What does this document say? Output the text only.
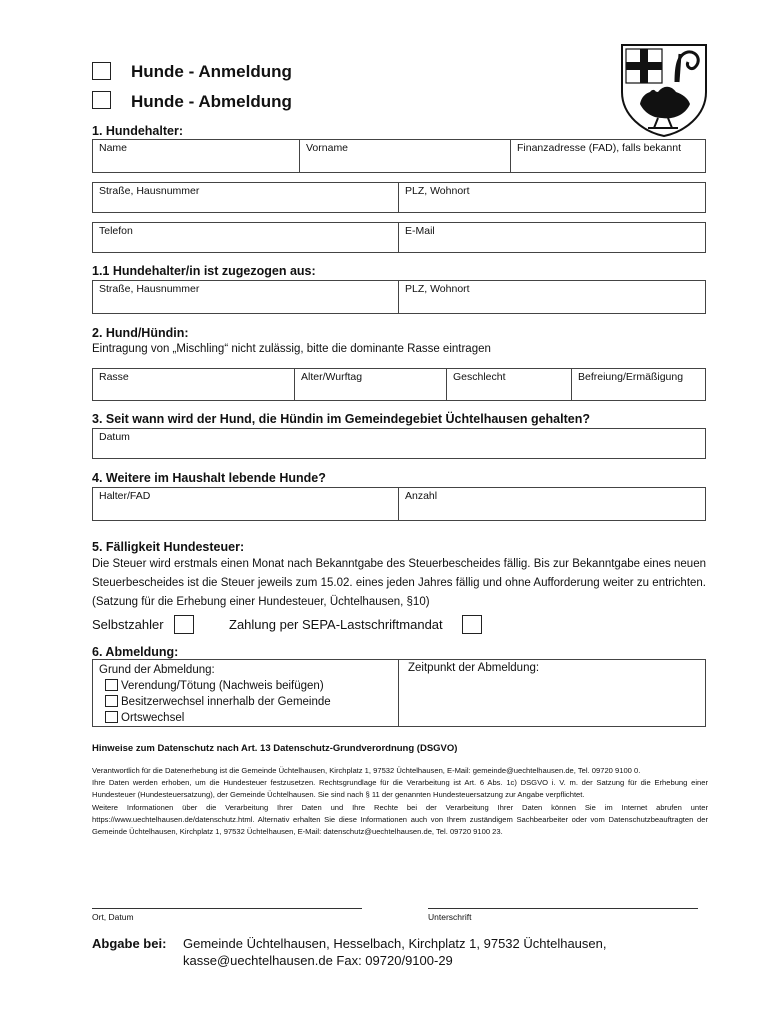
Hunde - Anmeldung
Hunde - Abmeldung
1. Hundehalter:
Name	Vorname	Finanzadresse (FAD), falls bekannt
Straße, Hausnummer	PLZ, Wohnort
Telefon	E-Mail
1.1 Hundehalter/in ist zugezogen aus:
Straße, Hausnummer	PLZ, Wohnort
2. Hund/Hündin:
Eintragung von „Mischling“ nicht zulässig, bitte die dominante Rasse eintragen
Rasse	Alter/Wurftag	Geschlecht	Befreiung/Ermäßigung
3. Seit wann wird der Hund, die Hündin im Gemeindegebiet Üchtelhausen gehalten?
Datum
4. Weitere im Haushalt lebende Hunde?
Halter/FAD	Anzahl
5. Fälligkeit Hundesteuer:
Die Steuer wird erstmals einen Monat nach Bekanntgabe des Steuerbescheides fällig. Bis zur Bekanntgabe eines neuen Steuerbescheides ist die Steuer jeweils zum 15.02. eines jeden Jahres fällig und ohne Aufforderung weiter zu entrichten. (Satzung für die Erhebung einer Hundesteuer, Üchtelhausen, §10)
Selbstzahler	Zahlung per SEPA-Lastschriftmandat
6. Abmeldung:
Grund der Abmeldung:
Verendung/Tötung (Nachweis beifügen)
Besitzerwechsel innerhalb der Gemeinde
Ortswechsel
Zeitpunkt der Abmeldung:
Hinweise zum Datenschutz nach Art. 13 Datenschutz-Grundverordnung (DSGVO)
Verantwortlich für die Datenerhebung ist die Gemeinde Üchtelhausen, Kirchplatz 1, 97532 Üchtelhausen, E-Mail: gemeinde@uechtelhausen.de, Tel. 09720 9100 0.
Ihre Daten werden erhoben, um die Hundesteuer festzusetzen. Rechtsgrundlage für die Verarbeitung ist Art. 6 Abs. 1c) DSGVO i. V. m. der Satzung für die Erhebung einer Hundesteuer (Hundesteuersatzung), der Gemeinde Üchtelhausen. Sie sind nach § 11 der genannten Hundesteuersatzung zur Angabe verpflichtet.
Weitere Informationen über die Verarbeitung Ihrer Daten und Ihre Rechte bei der Verarbeitung Ihrer Daten können Sie im Internet abrufen unter https://www.uechtelhausen.de/datenschutz.html. Alternativ erhalten Sie diese Informationen auch von Ihrem zuständigem Sachbearbeiter oder vom Datenschutzbeauftragten der Gemeinde Üchtelhausen, Kirchplatz 1, 97532 Üchtelhausen, E-Mail: datenschutz@uechtelhausen.de, Tel. 09720 9100 23.
Ort, Datum	Unterschrift
Abgabe bei: Gemeinde Üchtelhausen, Hesselbach, Kirchplatz 1, 97532 Üchtelhausen,
kasse@uechtelhausen.de Fax: 09720/9100-29
